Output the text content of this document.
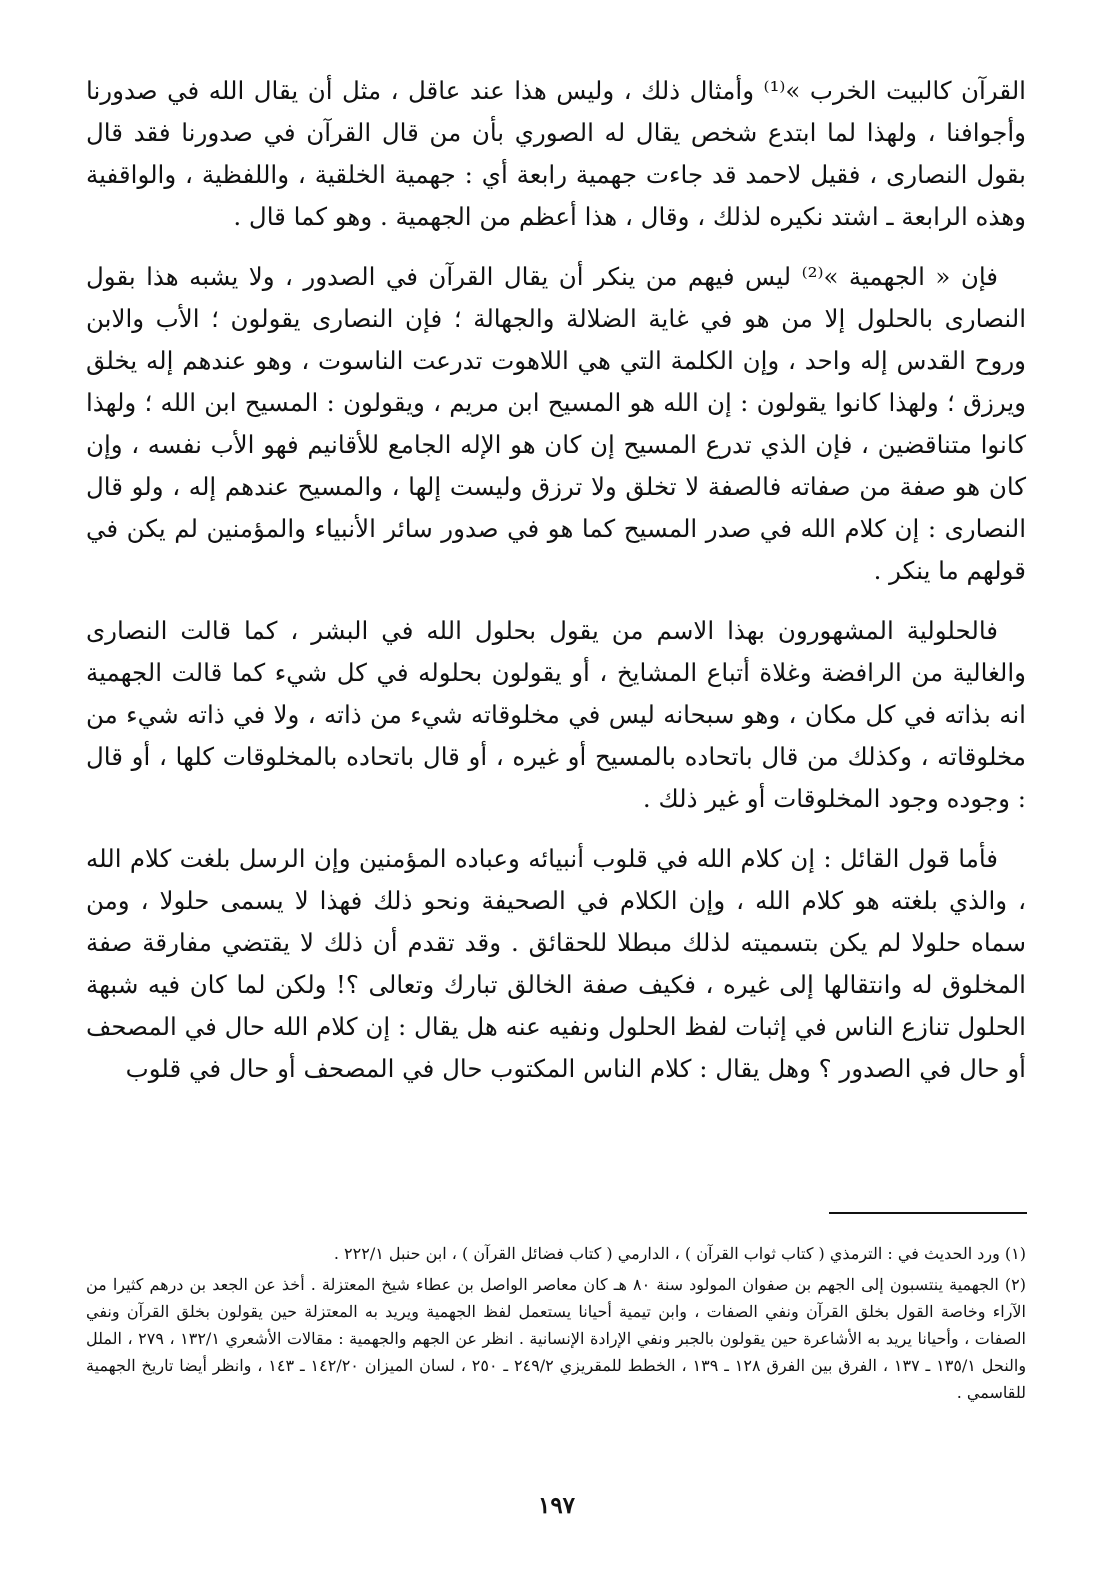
القرآن كالبيت الخرب »⁽¹⁾ وأمثال ذلك ، وليس هذا عند عاقل ، مثل أن يقال الله في صدورنا وأجوافنا ، ولهذا لما ابتدع شخص يقال له الصوري بأن من قال القرآن في صدورنا فقد قال بقول النصارى ، فقيل لاحمد قد جاءت جهمية رابعة أي : جهمية الخلقية ، واللفظية ، والواقفية وهذه الرابعة ـ اشتد نكيره لذلك ، وقال ، هذا أعظم من الجهمية . وهو كما قال .

فإن « الجهمية »⁽²⁾ ليس فيهم من ينكر أن يقال القرآن في الصدور ، ولا يشبه هذا بقول النصارى بالحلول إلا من هو في غاية الضلالة والجهالة ؛ فإن النصارى يقولون ؛ الأب والابن وروح القدس إله واحد ، وإن الكلمة التي هي اللاهوت تدرعت الناسوت ، وهو عندهم إله يخلق ويرزق ؛ ولهذا كانوا يقولون : إن الله هو المسيح ابن مريم ، ويقولون : المسيح ابن الله ؛ ولهذا كانوا متناقضين ، فإن الذي تدرع المسيح إن كان هو الإله الجامع للأقانيم فهو الأب نفسه ، وإن كان هو صفة من صفاته فالصفة لا تخلق ولا ترزق وليست إلها ، والمسيح عندهم إله ، ولو قال النصارى : إن كلام الله في صدر المسيح كما هو في صدور سائر الأنبياء والمؤمنين لم يكن في قولهم ما ينكر .

فالحلولية المشهورون بهذا الاسم من يقول بحلول الله في البشر ، كما قالت النصارى والغالية من الرافضة وغلاة أتباع المشايخ ، أو يقولون بحلوله في كل شيء كما قالت الجهمية انه بذاته في كل مكان ، وهو سبحانه ليس في مخلوقاته شيء من ذاته ، ولا في ذاته شيء من مخلوقاته ، وكذلك من قال باتحاده بالمسيح أو غيره ، أو قال باتحاده بالمخلوقات كلها ، أو قال : وجوده وجود المخلوقات أو غير ذلك .

فأما قول القائل : إن كلام الله في قلوب أنبيائه وعباده المؤمنين وإن الرسل بلغت كلام الله ، والذي بلغته هو كلام الله ، وإن الكلام في الصحيفة ونحو ذلك فهذا لا يسمى حلولا ، ومن سماه حلولا لم يكن بتسميته لذلك مبطلا للحقائق . وقد تقدم أن ذلك لا يقتضي مفارقة صفة المخلوق له وانتقالها إلى غيره ، فكيف صفة الخالق تبارك وتعالى ؟! ولكن لما كان فيه شبهة الحلول تنازع الناس في إثبات لفظ الحلول ونفيه عنه هل يقال : إن كلام الله حال في المصحف أو حال في الصدور ؟ وهل يقال : كلام الناس المكتوب حال في المصحف أو حال في قلوب

(١) ورد الحديث في : الترمذي ( كتاب ثواب القرآن ) ، الدارمي ( كتاب فضائل القرآن ) ، ابن حنبل ٢٢٢/١ .

(٢) الجهمية ينتسبون إلى الجهم بن صفوان المولود سنة ٨٠ هـ كان معاصر الواصل بن عطاء شيخ المعتزلة . أخذ عن الجعد بن درهم كثيرا من الآراء وخاصة القول بخلق القرآن ونفي الصفات ، وابن تيمية أحيانا يستعمل لفظ الجهمية ويريد به المعتزلة حين يقولون بخلق القرآن ونفي الصفات ، وأحيانا يريد به الأشاعرة حين يقولون بالجبر ونفي الإرادة الإنسانية . انظر عن الجهم والجهمية : مقالات الأشعري ١٣٢/١ ، ٢٧٩ ، الملل والنحل ١٣٥/١ ـ ١٣٧ ، الفرق بين الفرق ١٢٨ ـ ١٣٩ ، الخطط للمقريزي ٢٤٩/٢ ـ ٢٥٠ ، لسان الميزان ١٤٢/٢٠ ـ ١٤٣ ، وانظر أيضا تاريخ الجهمية للقاسمي .

١٩٧
